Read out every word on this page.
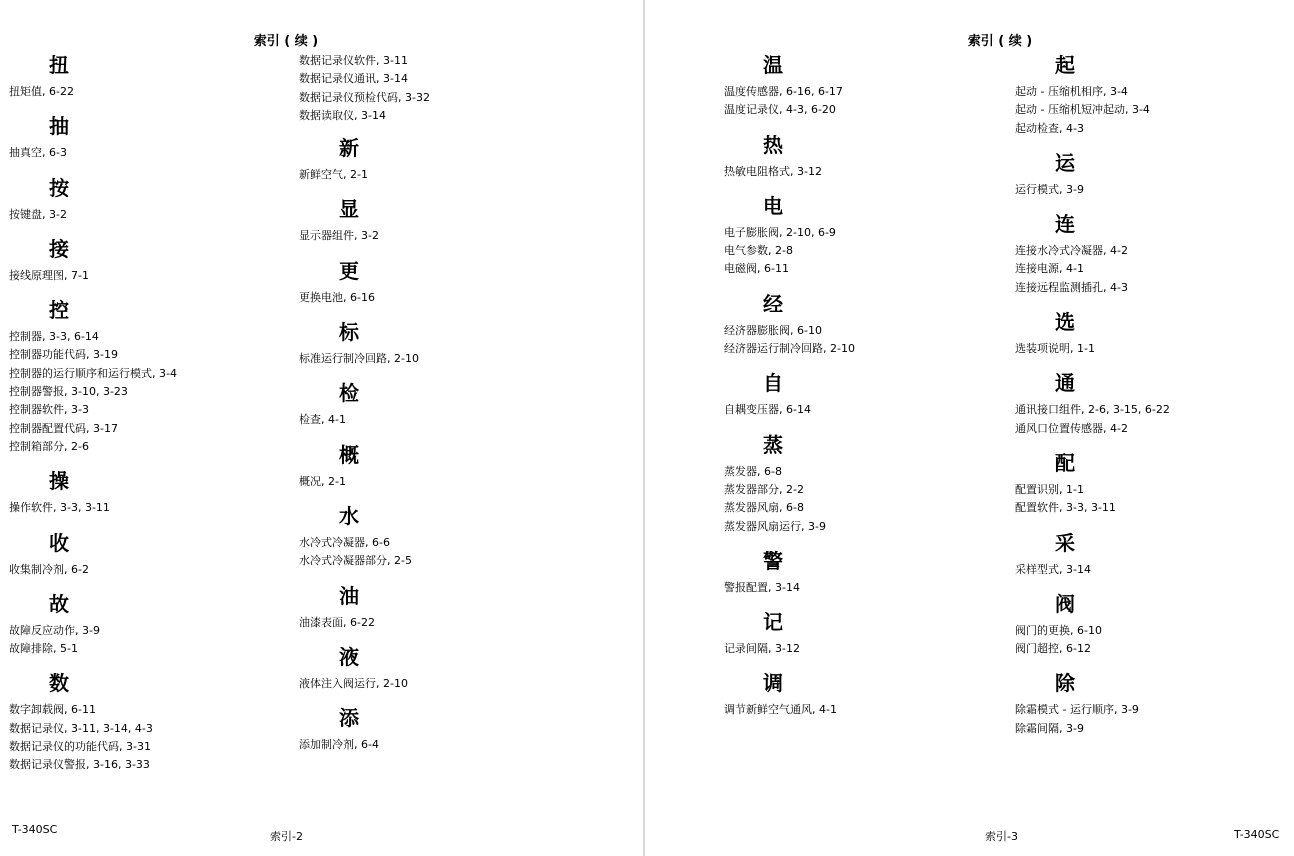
索引 ( 续 )
扭
扭矩值, 6-22
抽
抽真空, 6-3
按
按键盘, 3-2
接
接线原理图, 7-1
控
控制器, 3-3, 6-14
控制器功能代码, 3-19
控制器的运行顺序和运行模式, 3-4
控制器警报, 3-10, 3-23
控制器软件, 3-3
控制器配置代码, 3-17
控制箱部分, 2-6
操
操作软件, 3-3, 3-11
收
收集制冷剂, 6-2
故
故障反应动作, 3-9
故障排除, 5-1
数
数字卸载阀, 6-11
数据记录仪, 3-11, 3-14, 4-3
数据记录仪的功能代码, 3-31
数据记录仪警报, 3-16, 3-33
数据记录仪软件, 3-11
数据记录仪通讯, 3-14
数据记录仪预检代码, 3-32
数据读取仪, 3-14
新
新鲜空气, 2-1
显
显示器组件, 3-2
更
更换电池, 6-16
标
标准运行制冷回路, 2-10
检
检查, 4-1
概
概况, 2-1
水
水冷式冷凝器, 6-6
水冷式冷凝器部分, 2-5
油
油漆表面, 6-22
液
液体注入阀运行, 2-10
添
添加制冷剂, 6-4
T-340SC
索引-2
索引 ( 续 )
温
温度传感器, 6-16, 6-17
温度记录仪, 4-3, 6-20
热
热敏电阻格式, 3-12
电
电子膨胀阀, 2-10, 6-9
电气参数, 2-8
电磁阀, 6-11
经
经济器膨胀阀, 6-10
经济器运行制冷回路, 2-10
自
自耦变压器, 6-14
蒸
蒸发器, 6-8
蒸发器部分, 2-2
蒸发器风扇, 6-8
蒸发器风扇运行, 3-9
警
警报配置, 3-14
记
记录间隔, 3-12
调
调节新鲜空气通风, 4-1
起
起动 - 压缩机相序, 3-4
起动 - 压缩机短冲起动, 3-4
起动检查, 4-3
运
运行模式, 3-9
连
连接水冷式冷凝器, 4-2
连接电源, 4-1
连接远程监测插孔, 4-3
选
选装项说明, 1-1
通
通讯接口组件, 2-6, 3-15, 6-22
通风口位置传感器, 4-2
配
配置识别, 1-1
配置软件, 3-3, 3-11
采
采样型式, 3-14
阀
阀门的更换, 6-10
阀门超控, 6-12
除
除霜模式 - 运行顺序, 3-9
除霜间隔, 3-9
索引-3	T-340SC
